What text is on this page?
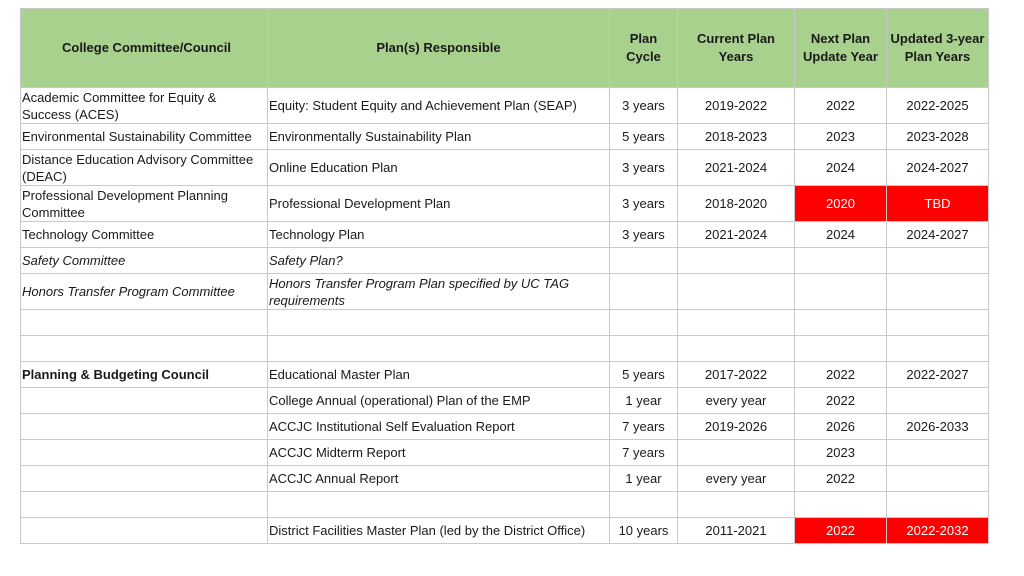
College Committee/Council	Plan(s) Responsible	Plan Cycle	Current Plan Years	Next Plan Update Year	Updated 3-year Plan Years
Academic Committee for Equity & Success (ACES)	Equity: Student Equity and Achievement Plan (SEAP)	3 years	2019-2022	2022	2022-2025
Environmental Sustainability Committee	Environmentally Sustainability Plan	5 years	2018-2023	2023	2023-2028
Distance Education Advisory Committee (DEAC)	Online Education Plan	3 years	2021-2024	2024	2024-2027
Professional Development Planning Committee	Professional Development Plan	3 years	2018-2020	2020	TBD
Technology Committee	Technology Plan	3 years	2021-2024	2024	2024-2027
Safety Committee	Safety Plan?				
Honors Transfer Program Committee	Honors Transfer Program Plan specified by UC TAG requirements				

Planning & Budgeting Council	Educational Master Plan	5 years	2017-2022	2022	2022-2027
	College Annual (operational) Plan of the EMP	1 year	every year	2022	
	ACCJC Institutional Self Evaluation Report	7 years	2019-2026	2026	2026-2033
	ACCJC Midterm Report	7 years		2023	
	ACCJC Annual Report	1 year	every year	2022	

	District Facilities Master Plan (led by the District Office)	10 years	2011-2021	2022	2022-2032
